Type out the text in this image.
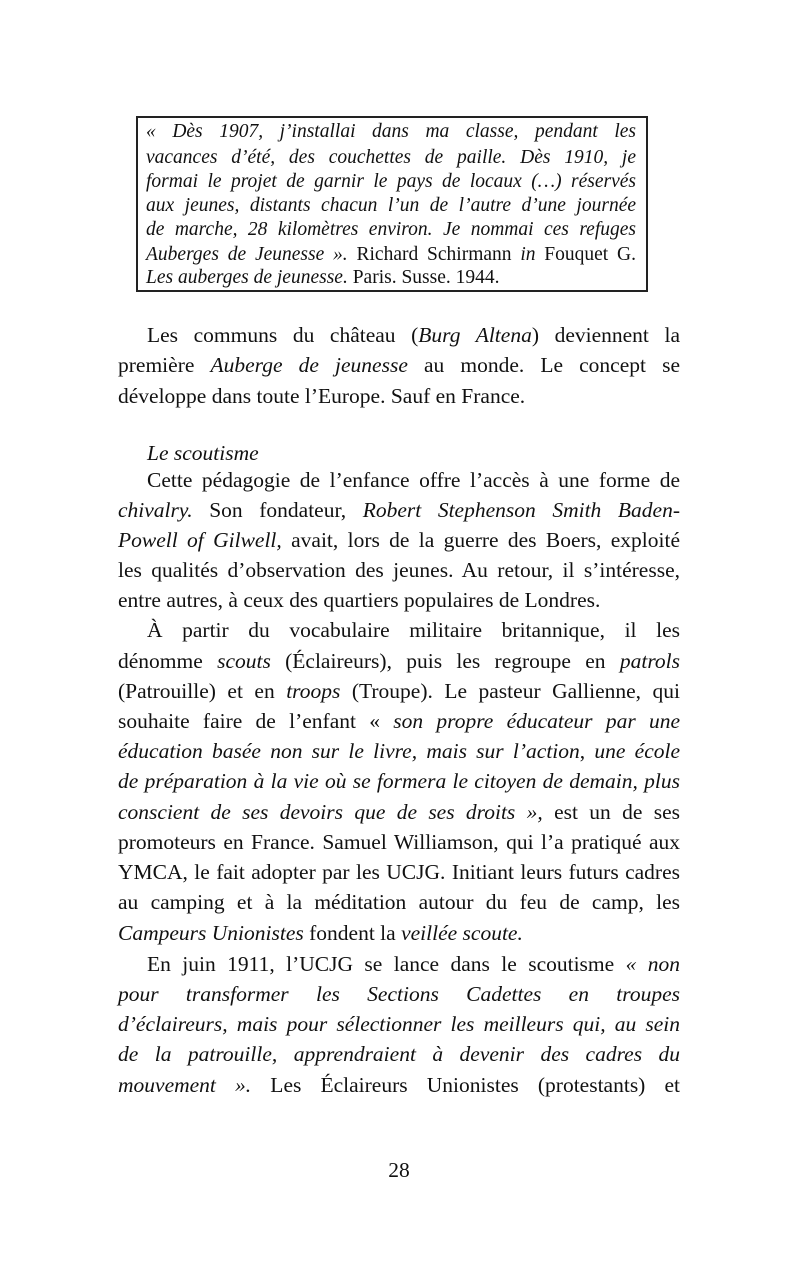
« Dès 1907, j’installai dans ma classe, pendant les
vacances d’été, des couchettes de paille. Dès 1910, je
formai le projet de garnir le pays de locaux (…) réservés
aux jeunes, distants chacun l’un de l’autre d’une journée
de marche, 28 kilomètres environ. Je nommai ces refuges
Auberges de Jeunesse ». Richard Schirmann in Fouquet G.
Les auberges de jeunesse. Paris. Susse. 1944.
Les communs du château (Burg Altena) deviennent la
première Auberge de jeunesse au monde. Le concept se
développe dans toute l’Europe. Sauf en France.
Le scoutisme
Cette pédagogie de l’enfance offre l’accès à une forme de
chivalry. Son fondateur, Robert Stephenson Smith Baden-
Powell of Gilwell, avait, lors de la guerre des Boers, exploité
les qualités d’observation des jeunes. Au retour, il s’intéresse,
entre autres, à ceux des quartiers populaires de Londres.
À partir du vocabulaire militaire britannique, il les
dénomme scouts (Éclaireurs), puis les regroupe en patrols
(Patrouille) et en troops (Troupe). Le pasteur Gallienne, qui
souhaite faire de l’enfant « son propre éducateur par une
éducation basée non sur le livre, mais sur l’action, une école
de préparation à la vie où se formera le citoyen de demain, plus
conscient de ses devoirs que de ses droits », est un de ses
promoteurs en France. Samuel Williamson, qui l’a pratiqué aux
YMCA, le fait adopter par les UCJG. Initiant leurs futurs cadres
au camping et à la méditation autour du feu de camp, les
Campeurs Unionistes fondent la veillée scoute.
En juin 1911, l’UCJG se lance dans le scoutisme « non
pour transformer les Sections Cadettes en troupes
d’éclaireurs, mais pour sélectionner les meilleurs qui, au sein
de la patrouille, apprendraient à devenir des cadres du
mouvement ». Les Éclaireurs Unionistes (protestants) et
28
